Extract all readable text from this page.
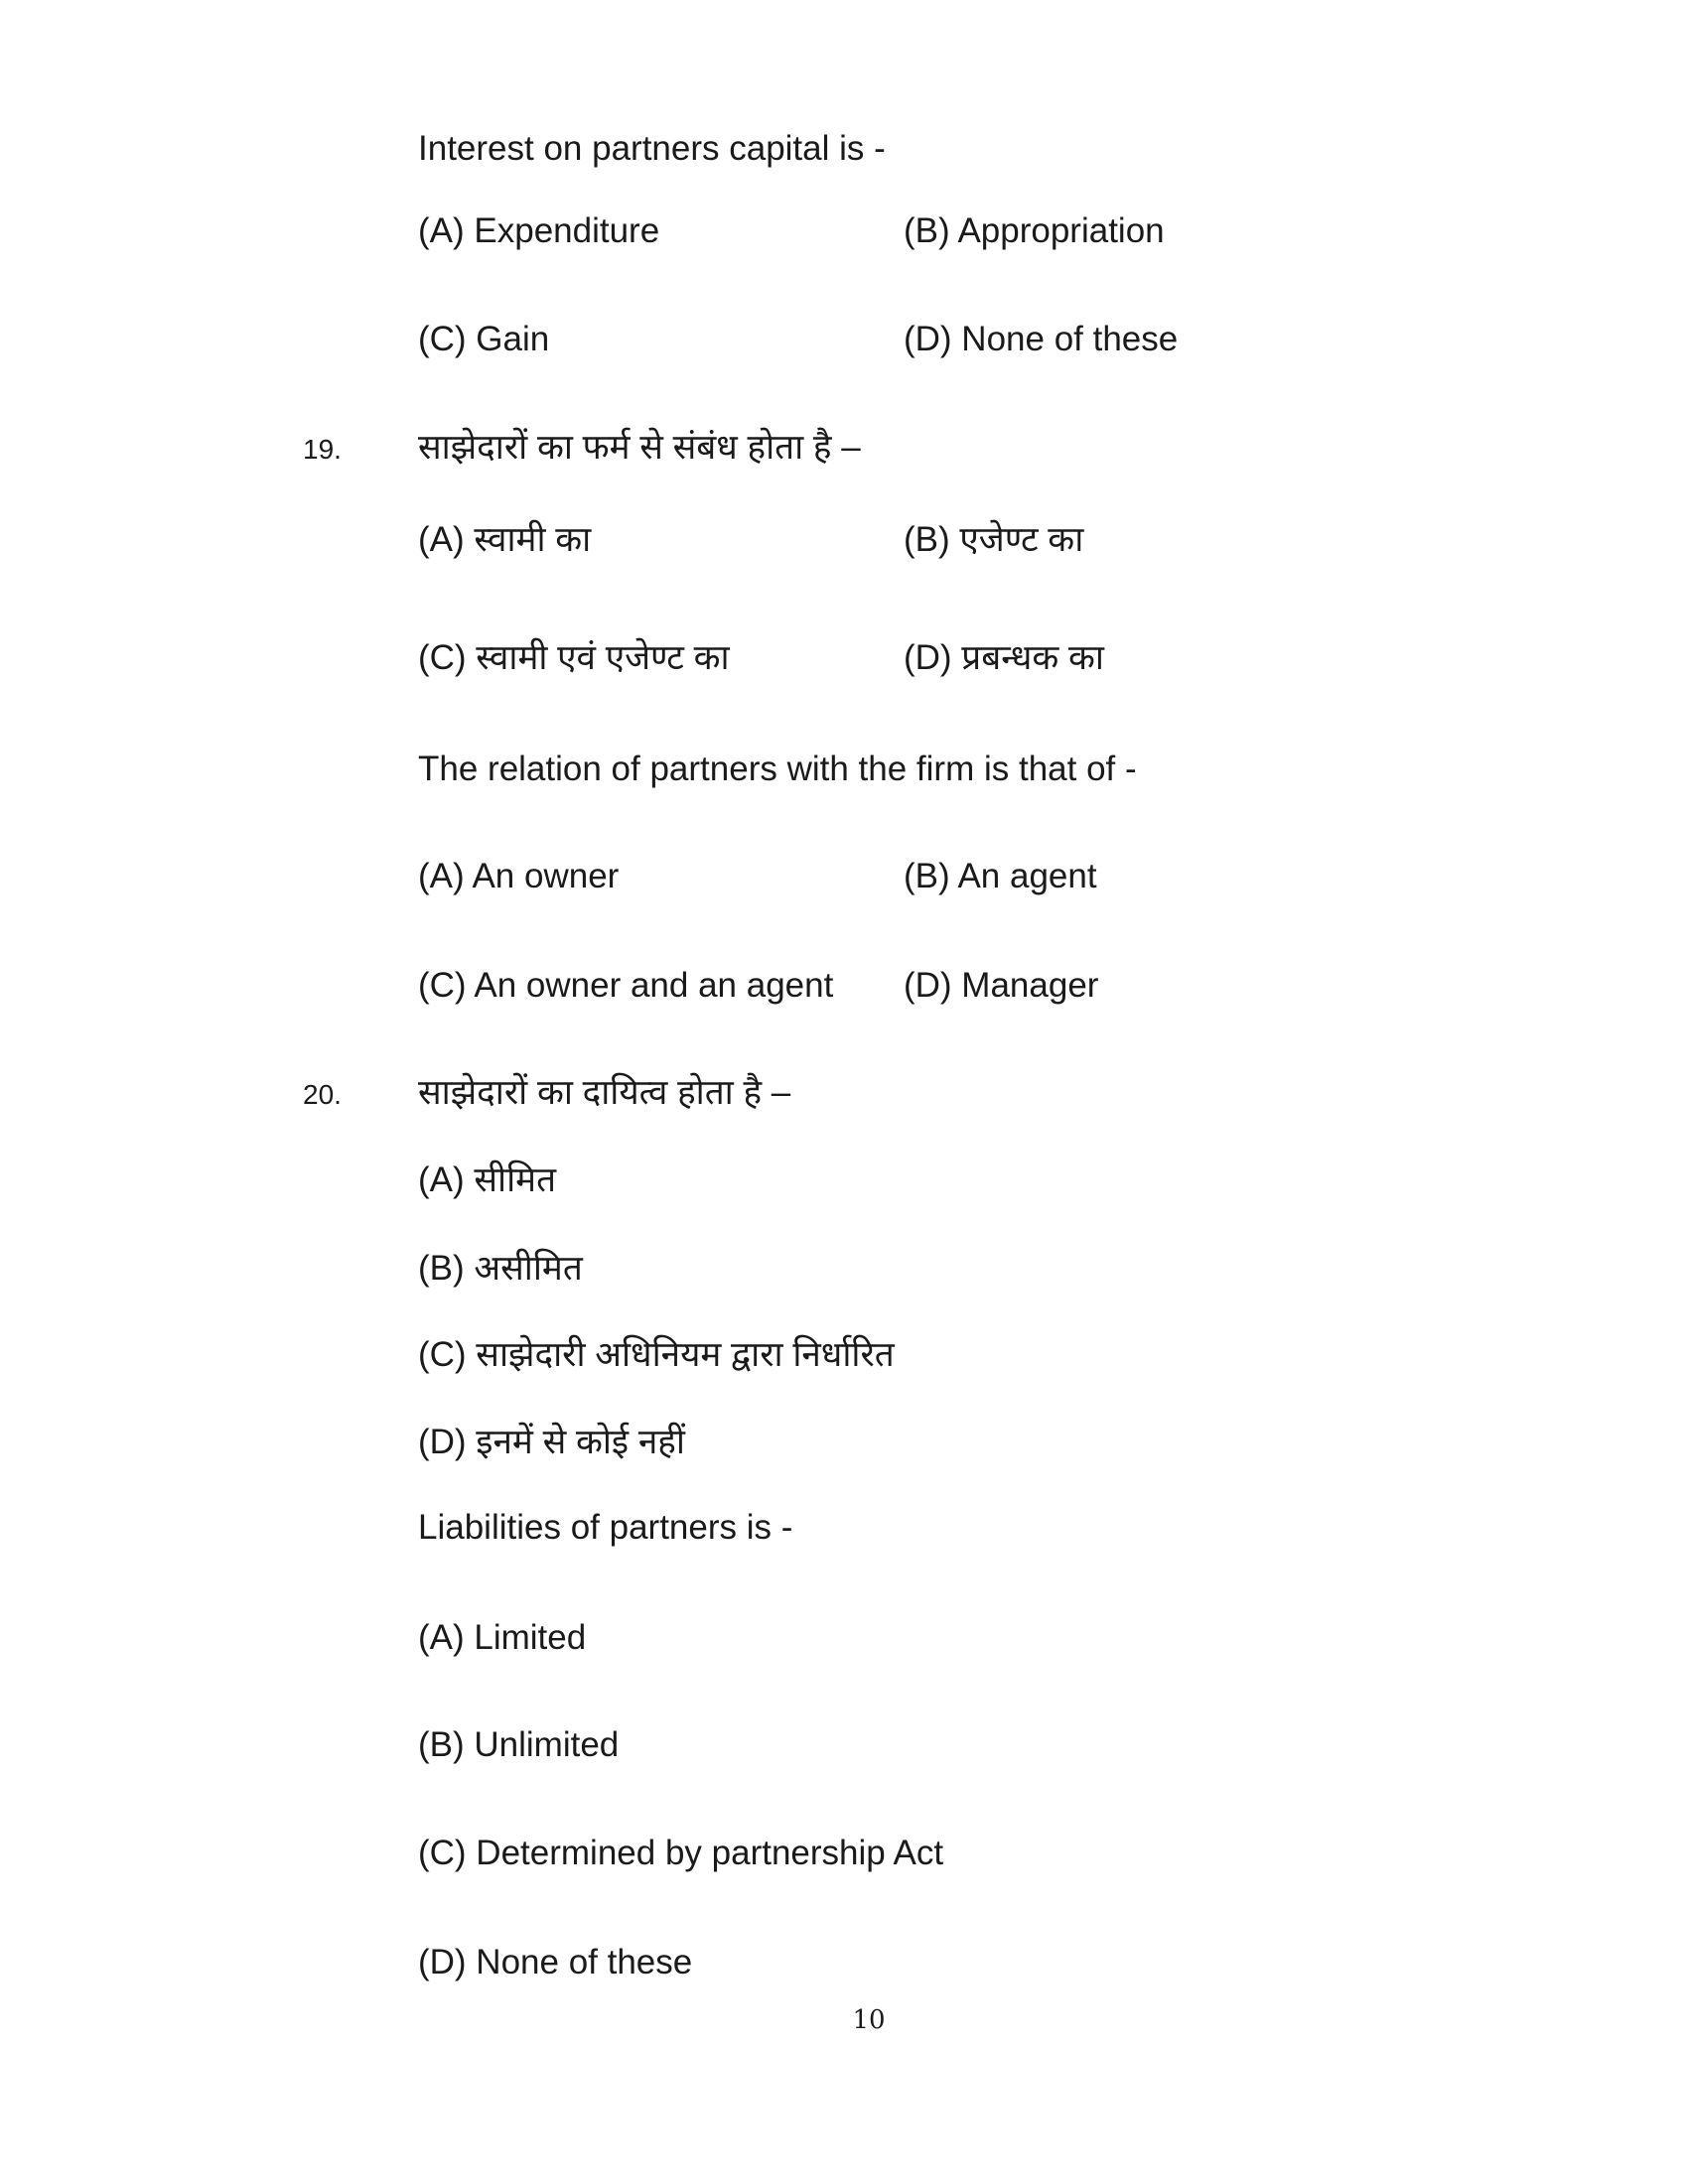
Interest on partners capital is -
(A) Expenditure	(B) Appropriation
(C) Gain	(D) None of these
19. साझेदारों का फर्म से संबंध होता है –
(A) स्वामी का	(B) एजेण्ट का
(C) स्वामी एवं एजेण्ट का	(D) प्रबन्धक का
The relation of partners with the firm is that of -
(A) An owner	(B) An agent
(C) An owner and an agent (D) Manager
20. साझेदारों का दायित्व होता है –
(A) सीमित
(B) असीमित
(C) साझेदारी अधिनियम द्वारा निर्धारित
(D) इनमें से कोई नहीं
Liabilities of partners is -
(A) Limited
(B) Unlimited
(C) Determined by partnership Act
(D) None of these
10
